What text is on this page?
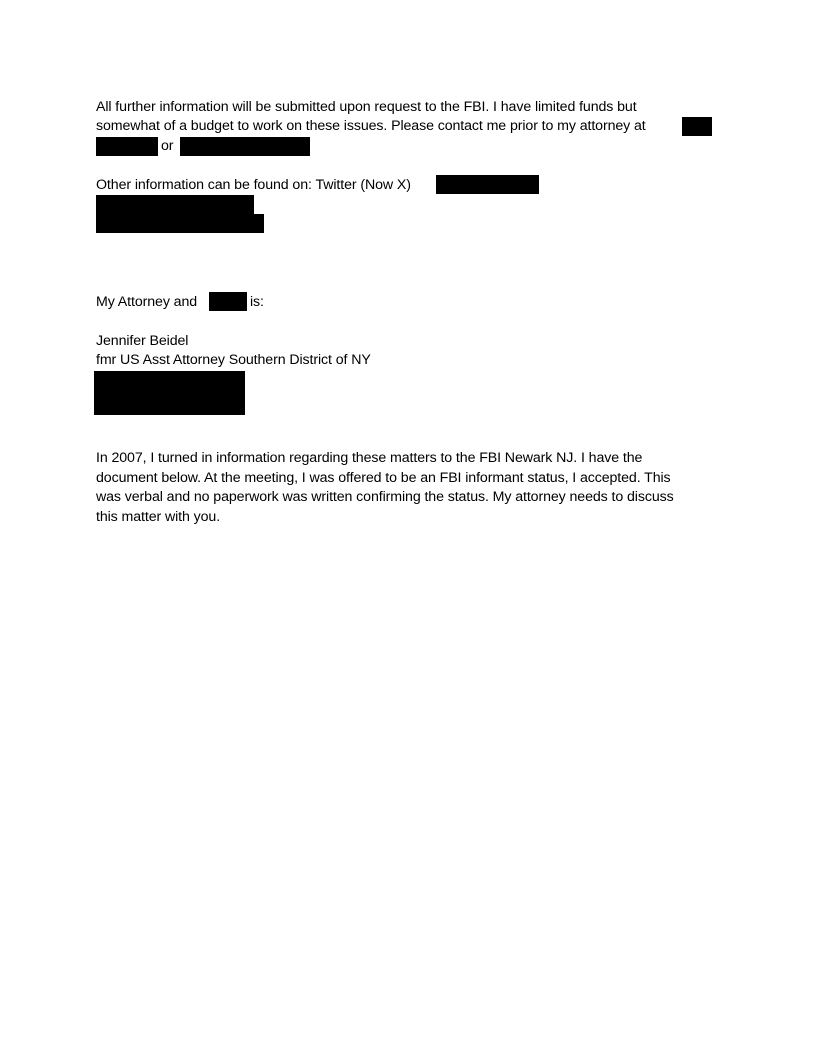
All further information will be submitted upon request to the FBI. I have limited funds but
somewhat of a budget to work on these issues. Please contact me prior to my attorney at
or
Other information can be found on: Twitter (Now X)
My Attorney and	is:
Jennifer Beidel
fmr US Asst Attorney Southern District of NY
In 2007, I turned in information regarding these matters to the FBI Newark NJ. I have the
document below. At the meeting, I was offered to be an FBI informant status, I accepted. This
was verbal and no paperwork was written confirming the status. My attorney needs to discuss
this matter with you.
